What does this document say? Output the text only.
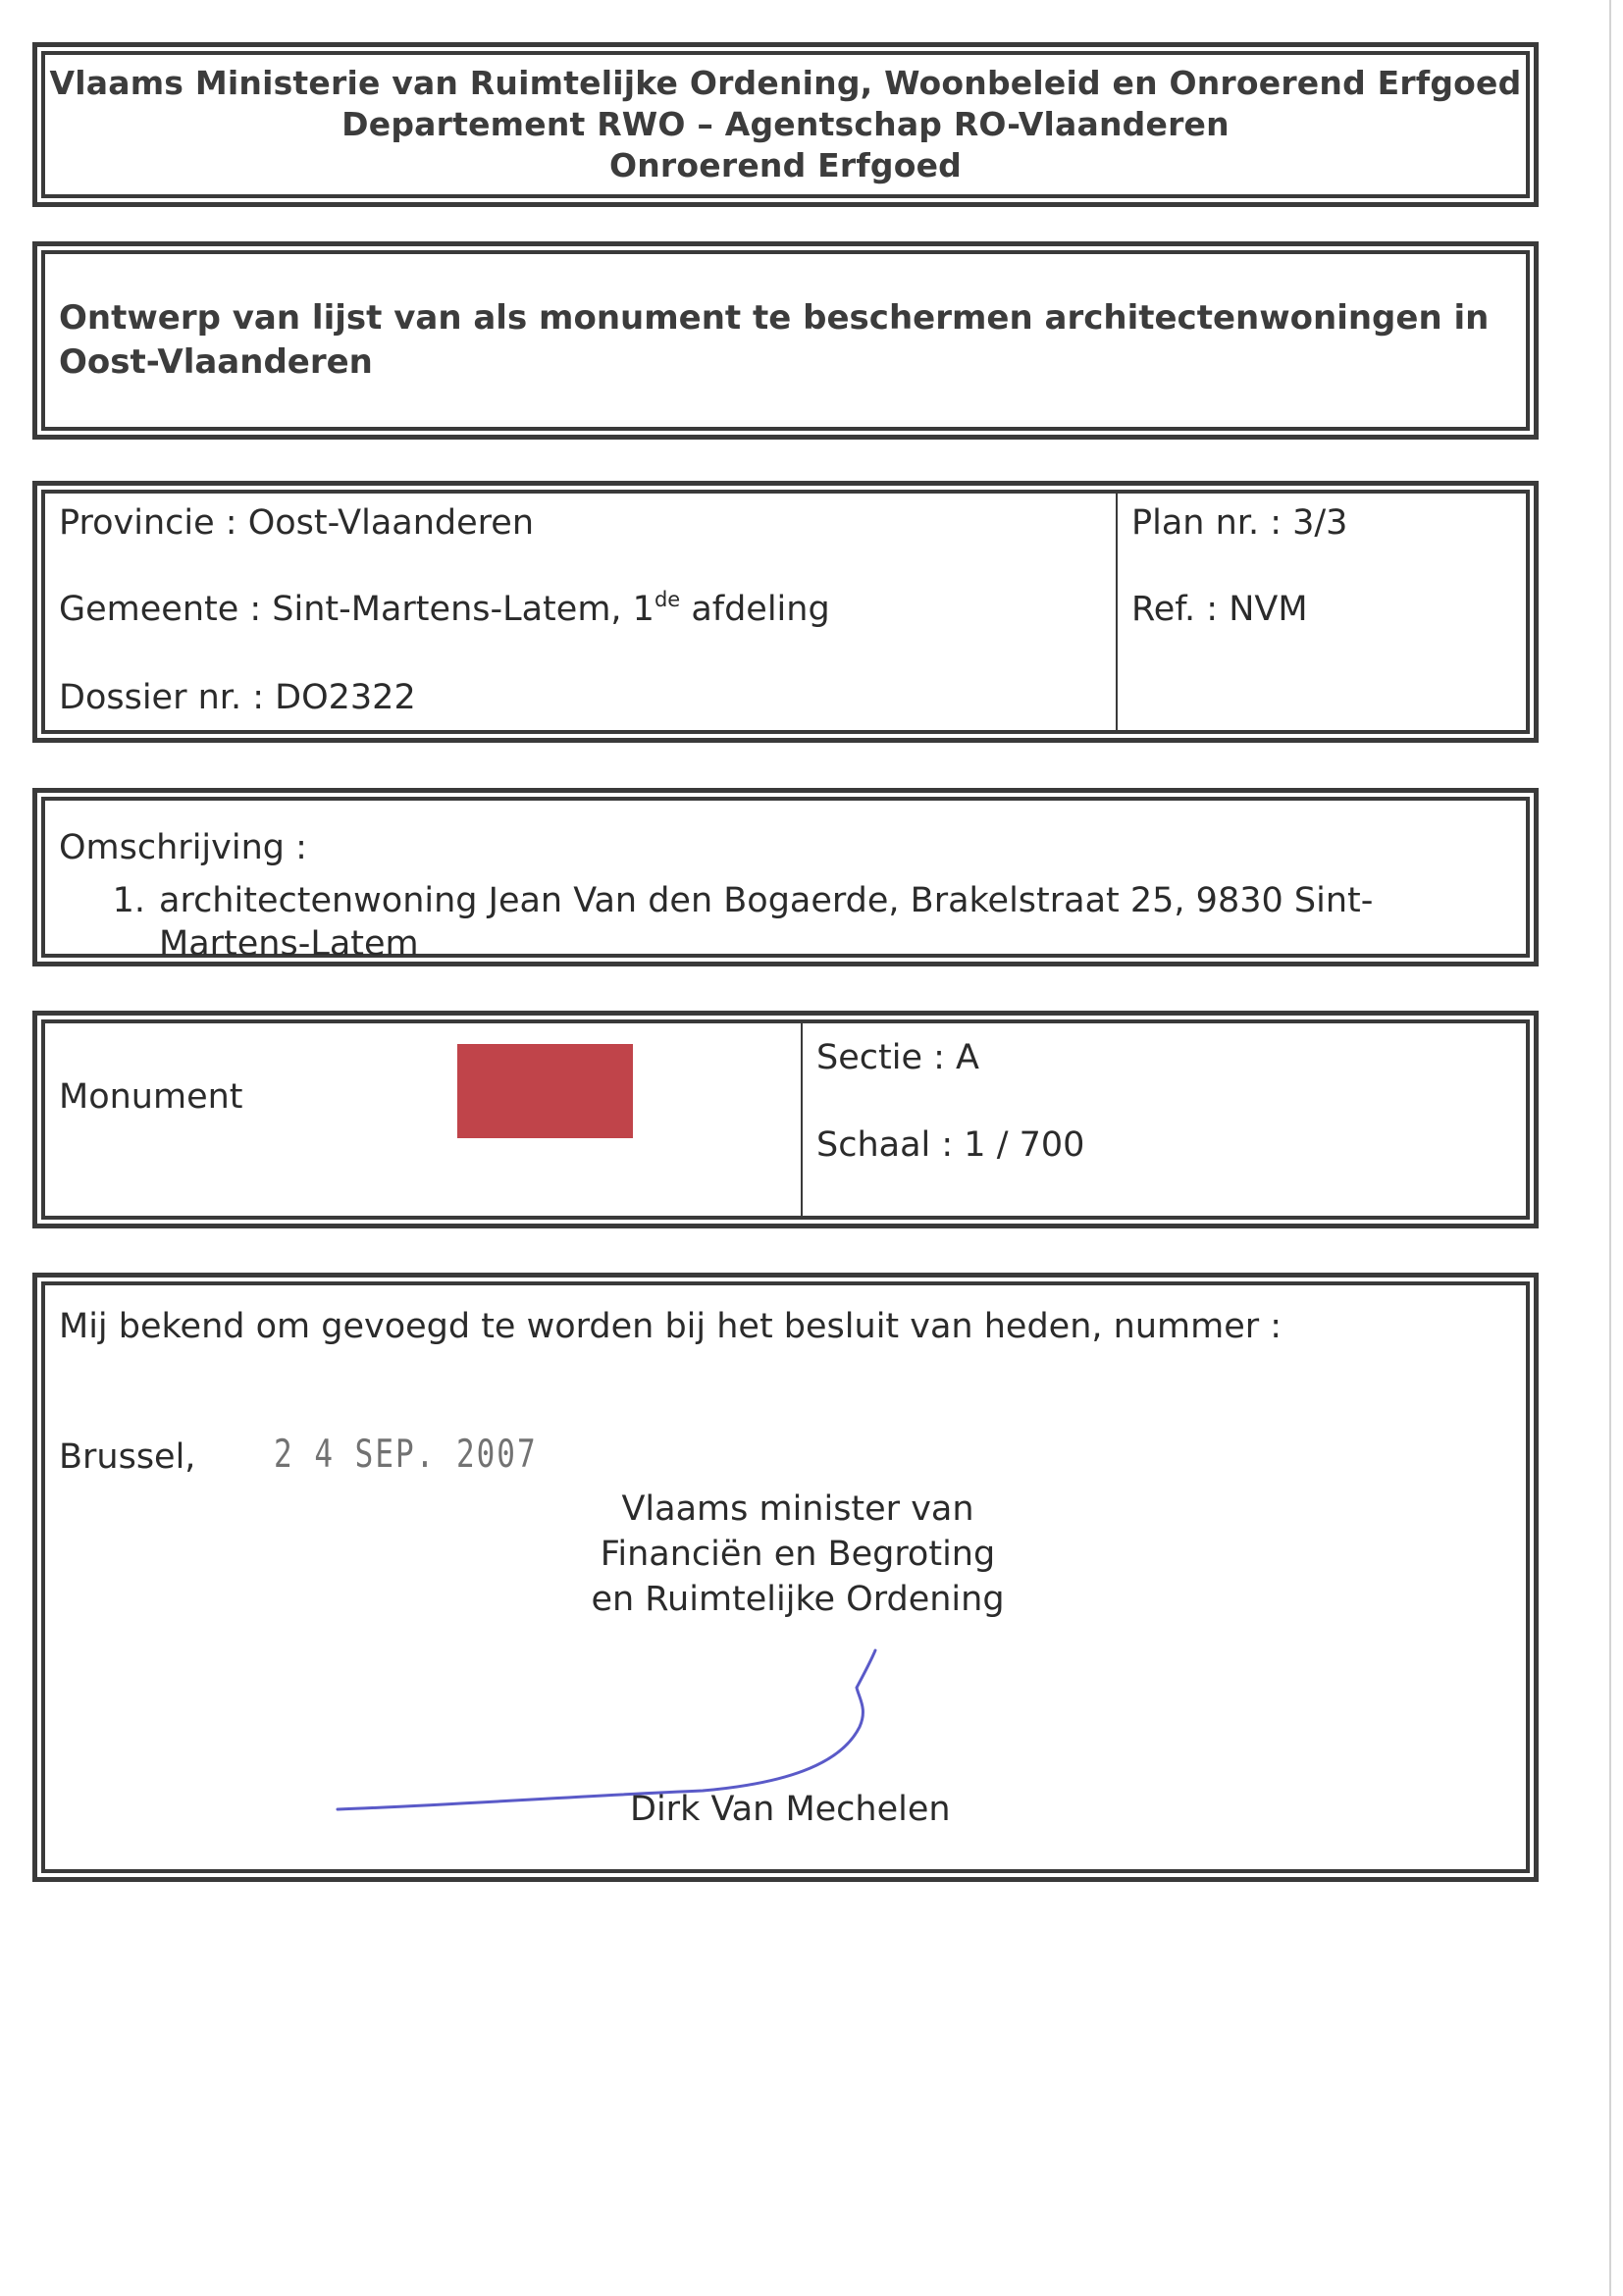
Vlaams Ministerie van Ruimtelijke Ordening, Woonbeleid en Onroerend Erfgoed
Departement RWO – Agentschap RO-Vlaanderen
Onroerend Erfgoed
Ontwerp van lijst van als monument te beschermen architectenwoningen in Oost-Vlaanderen
Provincie : Oost-Vlaanderen
Gemeente : Sint-Martens-Latem, 1de afdeling
Dossier nr. : DO2322
Plan nr. : 3/3
Ref. : NVM
Omschrijving :
1. architectenwoning Jean Van den Bogaerde, Brakelstraat 25, 9830 Sint-Martens-Latem
Monument
Sectie : A
Schaal : 1 / 700
Mij bekend om gevoegd te worden bij het besluit van heden, nummer :
Brussel,	2 4 SEP. 2007
Vlaams minister van
Financiën en Begroting
en Ruimtelijke Ordening
Dirk Van Mechelen
